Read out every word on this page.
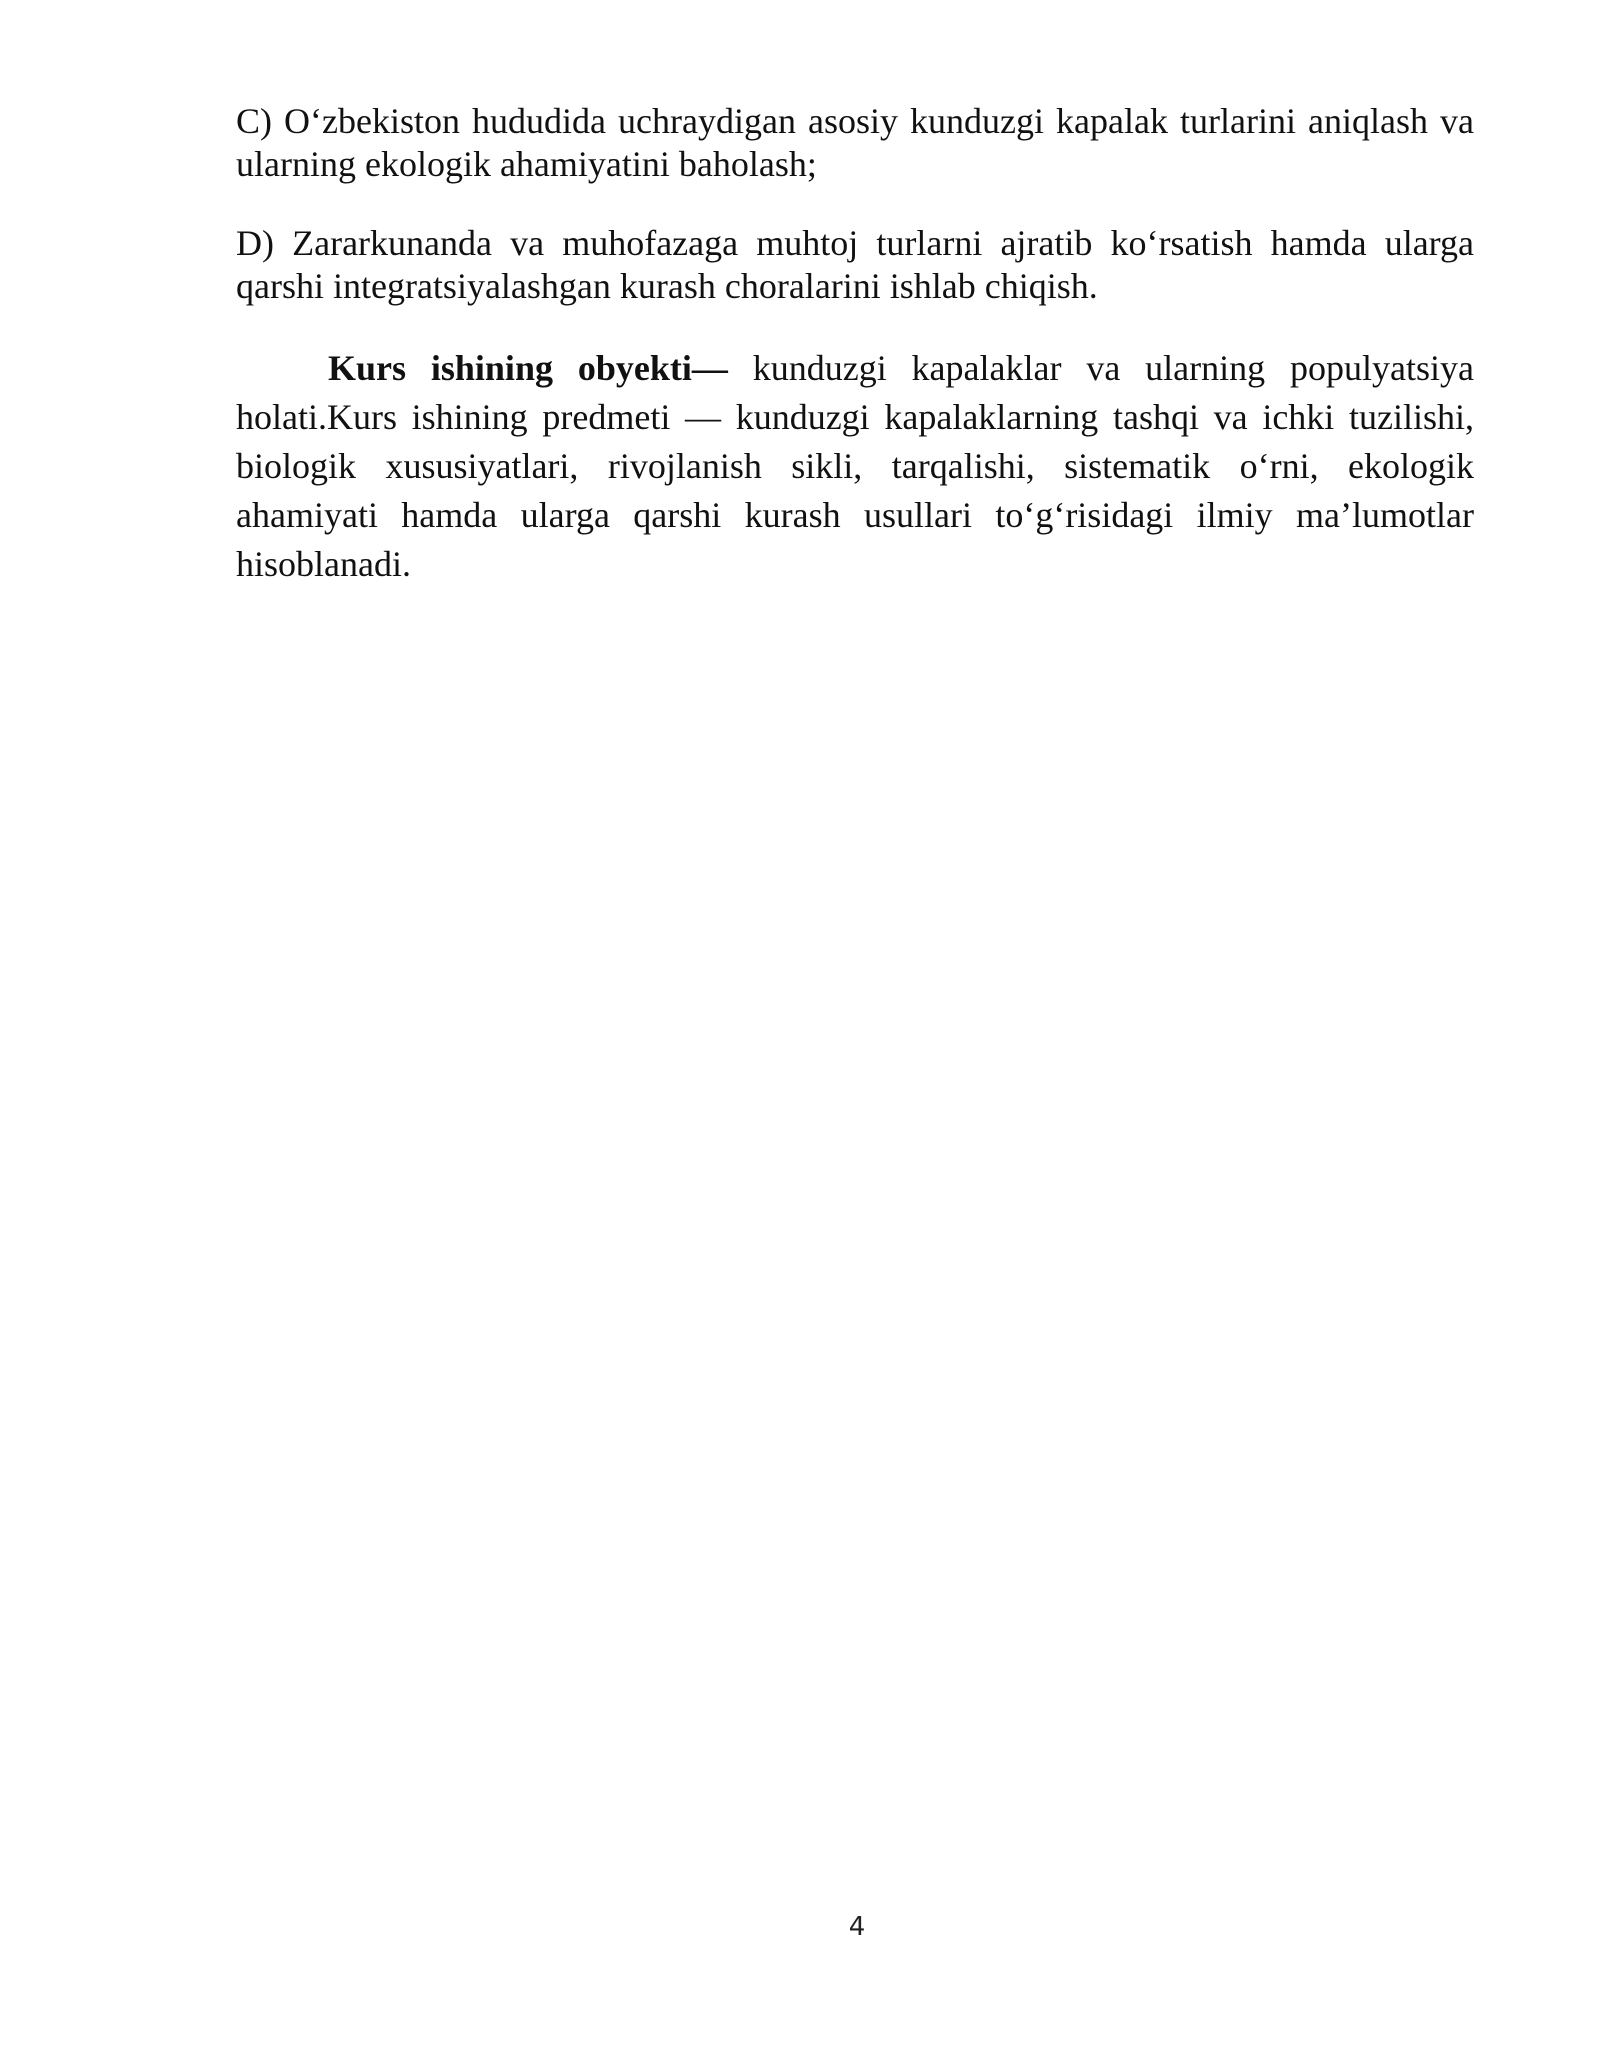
C) O‘zbekiston hududida uchraydigan asosiy kunduzgi kapalak turlarini aniqlash va ularning ekologik ahamiyatini baholash;

D) Zararkunanda va muhofazaga muhtoj turlarni ajratib ko‘rsatish hamda ularga qarshi integratsiyalashgan kurash choralarini ishlab chiqish.

Kurs ishining obyekti— kunduzgi kapalaklar va ularning populyatsiya holati.Kurs ishining predmeti — kunduzgi kapalaklarning tashqi va ichki tuzilishi, biologik xususiyatlari, rivojlanish sikli, tarqalishi, sistematik o‘rni, ekologik ahamiyati hamda ularga qarshi kurash usullari to‘g‘risidagi ilmiy ma’lumotlar hisoblanadi.

4
